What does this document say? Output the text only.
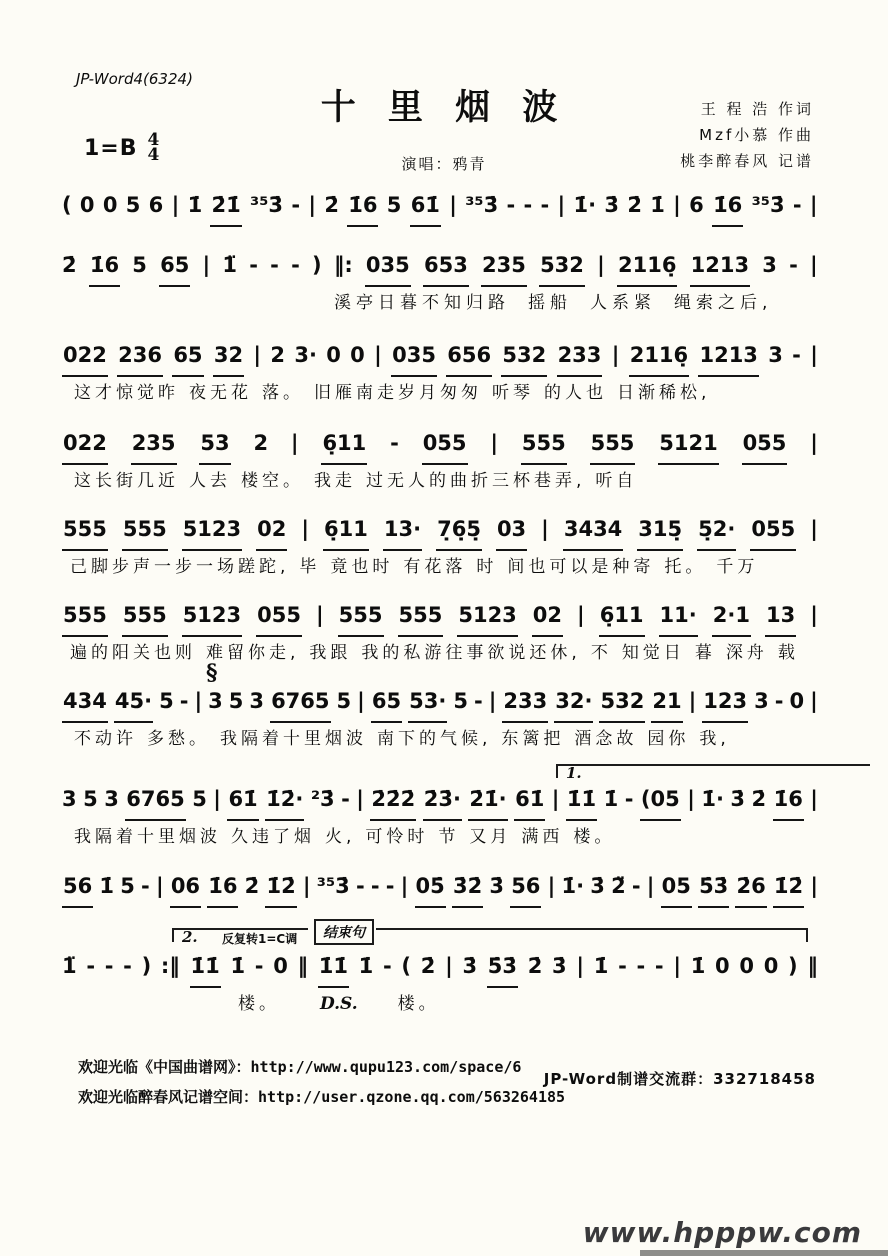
JP-Word4(6324)
十 里 烟 波
1=B 4
4	演唱：鸦青
王 程 浩 作词
Mzf小慕 作曲
桃李醉春风 记谱
( 0 0 5 6 | 1̇ 2̇1̇ ³⁵3̇ - | 2̇ 1̇6 5 61̇ | ³⁵3̇ - - - | 1̇· 3̇ 2̇ 1̇ | 6 1̇6 ³⁵3̇ - |
2̇ 1̇6 5 65 | 1̈ - - - ) ‖: 035 653 235 532 | 2116̣ 1213 3 - |
溪亭日暮不知归路 摇船 人系紧 绳索之后,
022 236 65 32 | 2 3· 0 0 | 035 656 532 233 | 2116̣ 1213 3 - |
这才惊觉昨 夜无花 落。 旧雁南走岁月匆匆 听琴 的人也 日渐稀松,
022 235 53 2 | 6̣11 - 055 | 555 555 5121 055 |
这长街几近 人去 楼空。 我走 过无人的曲折三杯巷弄, 听自
555 555 5123 02 | 6̣11 13· 7̣6̣5̣ 03 | 3434 315̣ 5̣2· 055 |
己脚步声一步一场蹉跎, 毕 竟也时 有花落 时 间也可以是种寄 托。 千万
555 555 5123 055 | 555 555 5123 02 | 6̣11 11· 2·1 13 |
遍的阳关也则 难留你走, 我跟 我的私游往事欲说还休, 不 知觉日 暮 深舟 载
434 45· 5 - | 3 5 3 6765 5 | 65 53· 5 - | 233 32· 532 21 | 123 3 - 0 |
不动许 多愁。 我隔着十里烟波 南下的气候, 东篱把 酒念故 园你 我,
3 5 3 6765 5 | 61̇ 1̇2̇· ²3̇ - | 2̇2̇2̇ 2̇3̇· 2̇1̇· 61̇ | 1̇1̇ 1̇ - (05 | 1̇· 3̇ 2̇ 1̇6 |
我隔着十里烟波 久违了烟 火, 可怜时 节 又月 满西 楼。
56 1̇ 5 - | 06 1̇6 2̇ 1̇2̇ | ³⁵3̇ - - - | 05̇ 3̇2̇ 3̇ 56 | 1̇· 3̇ 2̈ - | 05 5̇3̇ 2̇6 1̇2̇ |
1̈ - - - ) :‖ 1̇1̇ 1̇ - 0 ‖ 1̇1̇ 1̇ - ( 2̇ | 3̇ 5̇3̇ 2̇ 3̇ | 1̇ - - - | 1̇ 0 0 0 ) ‖
楼。 D.S. 楼。
§
1.
2. 反复转1=C调	结束句
欢迎光临《中国曲谱网》：http://www.qupu123.com/space/6
欢迎光临醉春风记谱空间：http://user.qzone.qq.com/563264185
JP-Word制谱交流群：332718458
www.hpppw.com
